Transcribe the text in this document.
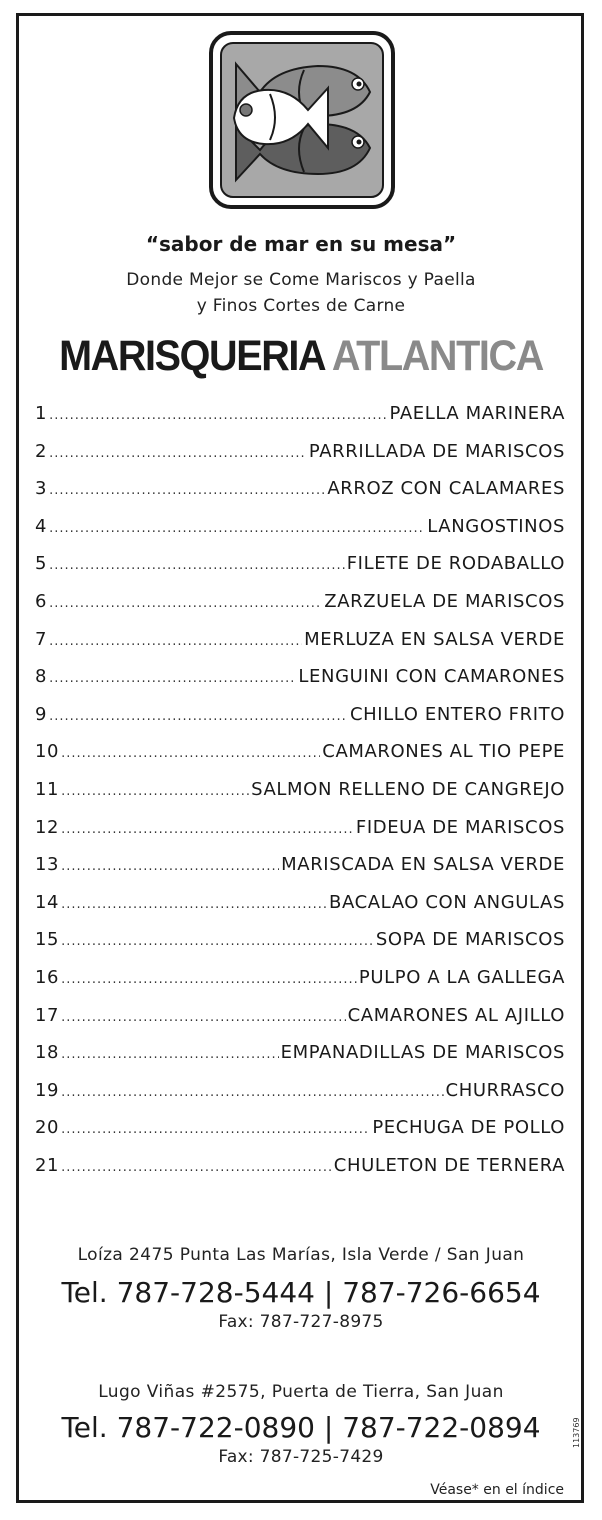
“sabor de mar en su mesa”
Donde Mejor se Come Mariscos y Paella
y Finos Cortes de Carne
MARISQUERIA ATLANTICA
1 .....	PAELLA MARINERA
2 .....	PARRILLADA DE MARISCOS
3 .....	ARROZ CON CALAMARES
4 .....	LANGOSTINOS
5 .....	FILETE DE RODABALLO
6 .....	ZARZUELA DE MARISCOS
7 .....	MERLUZA EN SALSA VERDE
8 .....	LENGUINI CON CAMARONES
9 .....	CHILLO ENTERO FRITO
10 .....	CAMARONES AL TIO PEPE
11 .....	SALMON RELLENO DE CANGREJO
12 .....	FIDEUA DE MARISCOS
13 .....	MARISCADA EN SALSA VERDE
14 .....	BACALAO CON ANGULAS
15 .....	SOPA DE MARISCOS
16 .....	PULPO A LA GALLEGA
17 .....	CAMARONES AL AJILLO
18 .....	EMPANADILLAS DE MARISCOS
19 .....	CHURRASCO
20 .....	PECHUGA DE POLLO
21 .....	CHULETON DE TERNERA
Loíza 2475 Punta Las Marías, Isla Verde / San Juan
Tel. 787-728-5444 | 787-726-6654
Fax: 787-727-8975
Lugo Viñas #2575, Puerta de Tierra, San Juan
Tel. 787-722-0890 | 787-722-0894
Fax: 787-725-7429
113769
Véase* en el índice
